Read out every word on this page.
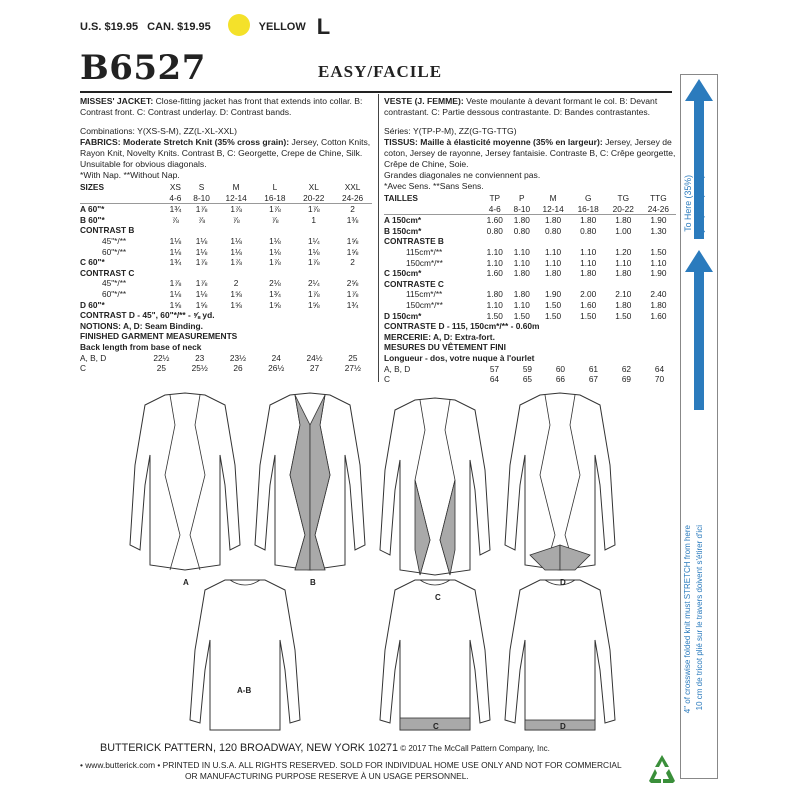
U.S. $19.95 CAN. $19.95	YELLOW L
B6527	EASY/FACILE

MISSES' JACKET: Close-fitting jacket has front that extends into collar. B: Contrast front. C: Contrast underlay. D: Contrast bands.

Combinations: Y(XS-S-M), ZZ(L-XL-XXL)

FABRICS: Moderate Stretch Knit (35% cross grain): Jersey, Cotton Knits, Rayon Knit, Novelty Knits. Contrast B, C: Georgette, Crepe de Chine, Silk.

Unsuitable for obvious diagonals.

*With Nap. **Without Nap.

SIZES	XS	S	M	L	XL	XXL
	4-6	8-10	12-14	16-18	20-22	24-26
A 60"*	1¾	1⅞	1⅞	1⅞	1⅞	2
B 60"*	⅞	⅞	⅞	⅞	1	1⅜
CONTRAST B						
45"*/**	1⅛	1⅛	1⅛	1⅛	1¼	1⅝
60"*/**	1⅛	1⅛	1⅛	1⅛	1⅛	1⅝
C 60"*	1¾	1⅞	1⅞	1⅞	1⅞	2
CONTRAST C						
45"*/**	1⅞	1⅞	2	2⅛	2¼	2⅝
60"*/**	1⅛	1⅛	1⅝	1¾	1⅞	1⅞
D 60"*	1⅝	1⅝	1⅝	1⅝	1⅝	1¾

CONTRAST D - 45", 60"*/** - ⅝ yd.

NOTIONS: A, D: Seam Binding.

FINISHED GARMENT MEASUREMENTS

Back length from base of neck

A, B, D	22½	23	23½	24	24½	25
C	25	25½	26	26½	27	27½

VESTE (J. FEMME): Veste moulante à devant formant le col. B: Devant contrastant. C: Partie dessous contrastante. D: Bandes contrastantes.

Séries: Y(TP-P-M), ZZ(G-TG-TTG)

TISSUS: Maille à élasticité moyenne (35% en largeur): Jersey, Jersey de coton, Jersey de rayonne, Jersey fantaisie. Contraste B, C: Crêpe georgette, Crêpe de Chine, Soie.

Grandes diagonales ne conviennent pas.

*Avec Sens. **Sans Sens.

TAILLES	TP	P	M	G	TG	TTG
	4-6	8-10	12-14	16-18	20-22	24-26
A 150cm*	1.60	1.80	1.80	1.80	1.80	1.90
B 150cm*	0.80	0.80	0.80	0.80	1.00	1.30
CONTRASTE B						
115cm*/**	1.10	1.10	1.10	1.10	1.20	1.50
150cm*/**	1.10	1.10	1.10	1.10	1.10	1.10
C 150cm*	1.60	1.80	1.80	1.80	1.80	1.90
CONTRASTE C						
115cm*/**	1.80	1.80	1.90	2.00	2.10	2.40
150cm*/**	1.10	1.10	1.50	1.60	1.80	1.80
D 150cm*	1.50	1.50	1.50	1.50	1.50	1.60

CONTRASTE D - 115, 150cm*/** - 0.60m

MERCERIE: A, D: Extra-fort.

MESURES DU VÊTEMENT FINI

Longueur - dos, votre nuque à l'ourlet

A, B, D	57	59	60	61	62	64
C	64	65	66	67	69	70
A	B
C
D
A-B
C	D
BUTTERICK PATTERN, 120 BROADWAY, NEW YORK 10271 © 2017 The McCall Pattern Company, Inc.
• www.butterick.com • PRINTED IN U.S.A. ALL RIGHTS RESERVED. SOLD FOR INDIVIDUAL HOME USE ONLY AND NOT FOR COMMERCIAL
OR MANUFACTURING PURPOSE RESERVE À UN USAGE PERSONNEL.
To Here (35%) jusqu'ici (35%)
4" of crosswise folded knit must STRETCH from here 10 cm de tricot plié sur le travers doivent s'étirer d'ici
